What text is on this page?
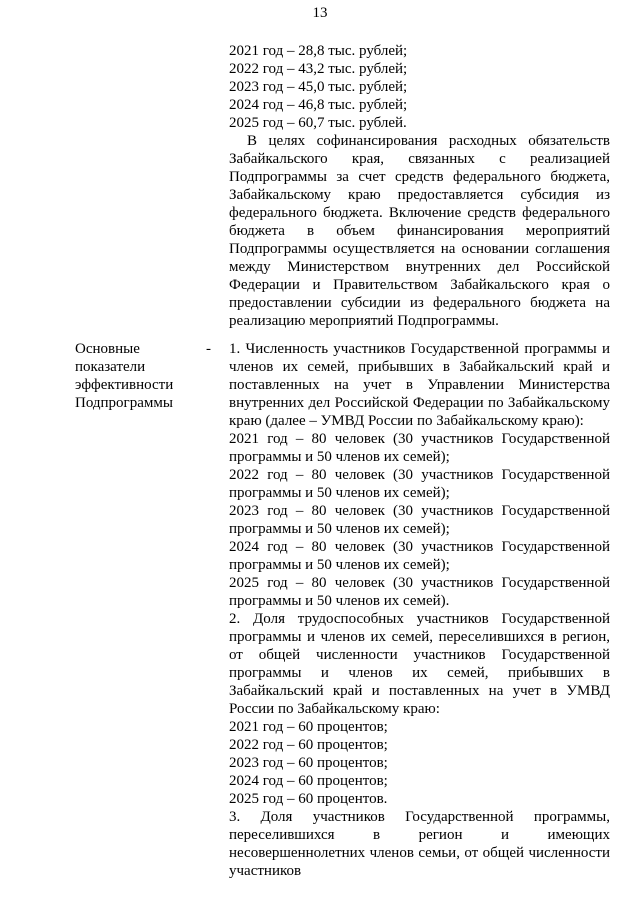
13
2021 год – 28,8 тыс. рублей;
2022 год – 43,2 тыс. рублей;
2023 год – 45,0 тыс. рублей;
2024 год – 46,8 тыс. рублей;
2025 год – 60,7 тыс. рублей.
В целях софинансирования расходных обязательств Забайкальского края, связанных с реализацией Подпрограммы за счет средств федерального бюджета, Забайкальскому краю предоставляется субсидия из федерального бюджета. Включение средств федерального бюджета в объем финансирования мероприятий Подпрограммы осуществляется на основании соглашения между Министерством внутренних дел Российской Федерации и Правительством Забайкальского края о предоставлении субсидии из федерального бюджета на реализацию мероприятий Подпрограммы.
Основные
показатели
эффективности
Подпрограммы
- 1. Численность участников Государственной программы и членов их семей, прибывших в Забайкальский край и поставленных на учет в Управлении Министерства внутренних дел Российской Федерации по Забайкальскому краю (далее – УМВД России по Забайкальскому краю):
2021 год – 80 человек (30 участников Государственной программы и 50 членов их семей);
2022 год – 80 человек (30 участников Государственной программы и 50 членов их семей);
2023 год – 80 человек (30 участников Государственной программы и 50 членов их семей);
2024 год – 80 человек (30 участников Государственной программы и 50 членов их семей);
2025 год – 80 человек (30 участников Государственной программы и 50 членов их семей).
2. Доля трудоспособных участников Государственной программы и членов их семей, переселившихся в регион, от общей численности участников Государственной программы и членов их семей, прибывших в Забайкальский край и поставленных на учет в УМВД России по Забайкальскому краю:
2021 год – 60 процентов;
2022 год – 60 процентов;
2023 год – 60 процентов;
2024 год – 60 процентов;
2025 год – 60 процентов.
3. Доля участников Государственной программы, переселившихся в регион и имеющих несовершеннолетних членов семьи, от общей численности участников
